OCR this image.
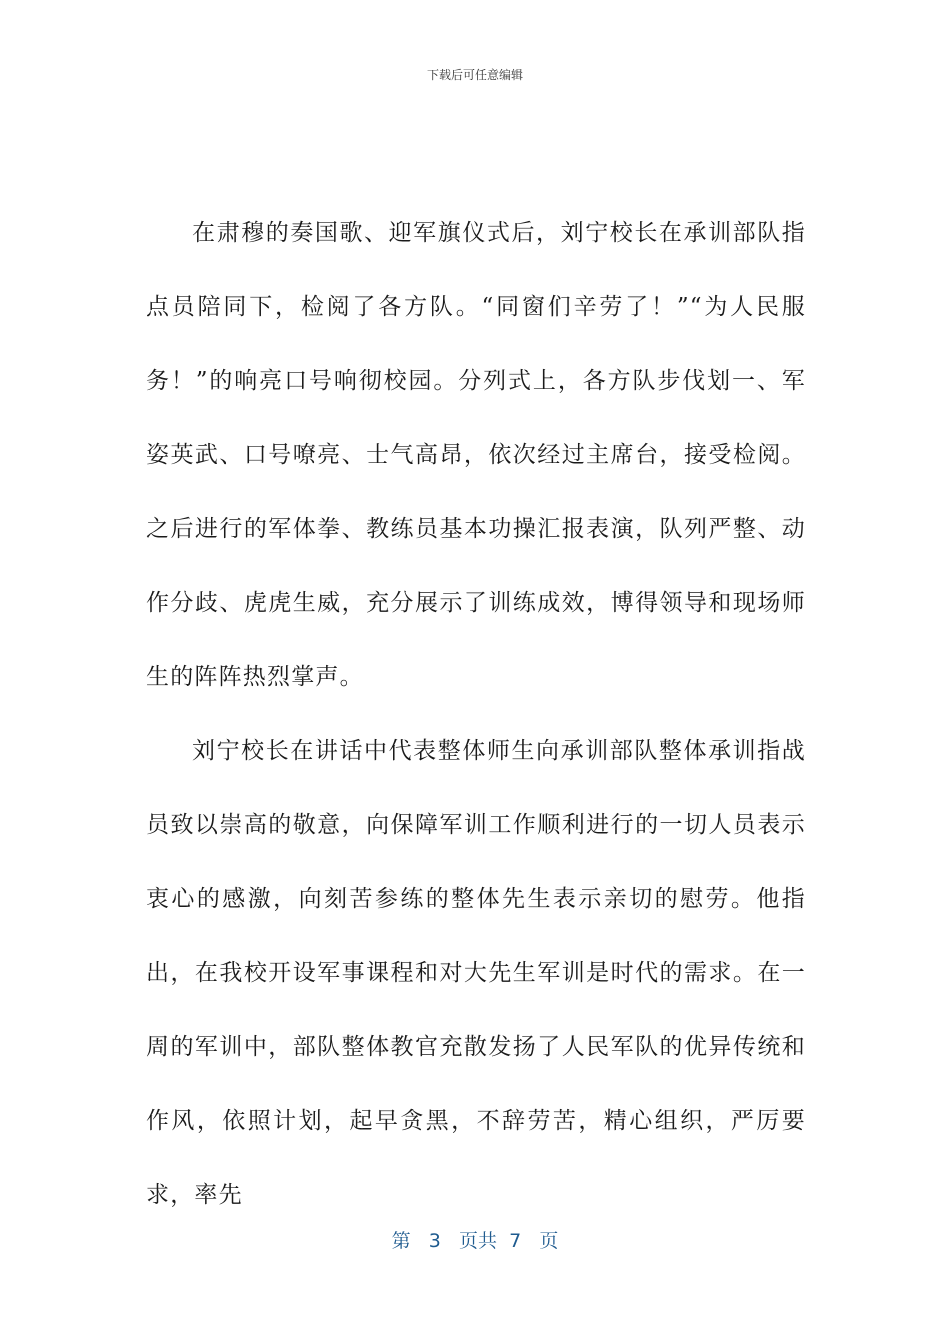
下载后可任意编辑

在肃穆的奏国歌、迎军旗仪式后，刘宁校长在承训部队指点员陪同下，检阅了各方队。“同窗们辛劳了！”“为人民服务！”的响亮口号响彻校园。分列式上，各方队步伐划一、军姿英武、口号嘹亮、士气高昂，依次经过主席台，接受检阅。之后进行的军体拳、教练员基本功操汇报表演，队列严整、动作分歧、虎虎生威，充分展示了训练成效，博得领导和现场师生的阵阵热烈掌声。

刘宁校长在讲话中代表整体师生向承训部队整体承训指战员致以崇高的敬意，向保障军训工作顺利进行的一切人员表示衷心的感激，向刻苦参练的整体先生表示亲切的慰劳。他指出，在我校开设军事课程和对大先生军训是时代的需求。在一周的军训中，部队整体教官充散发扬了人民军队的优异传统和作风，依照计划，起早贪黑，不辞劳苦，精心组织，严厉要求，率先

第 3 页共 7 页
